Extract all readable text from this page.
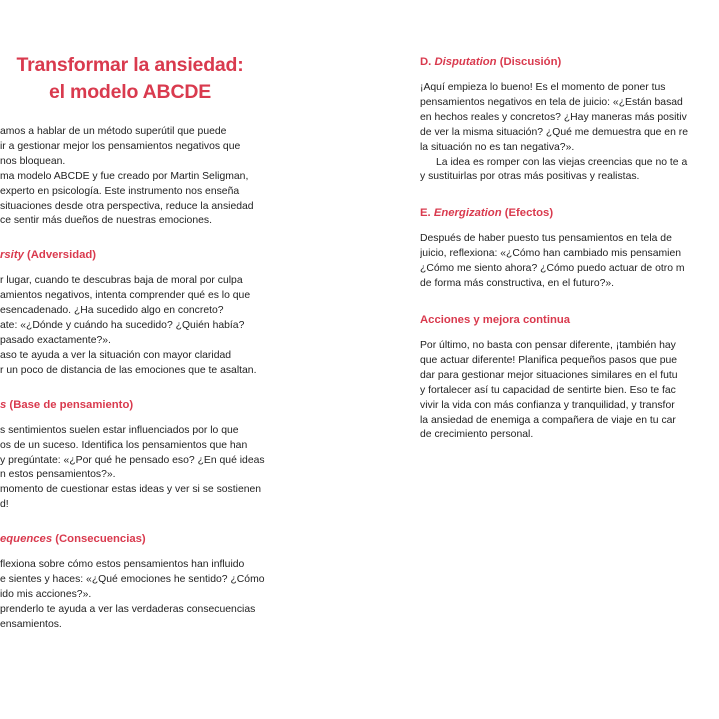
Transformar la ansiedad:
el modelo ABCDE

amos a hablar de un método superútil que puede

ir a gestionar mejor los pensamientos negativos que

nos bloquean.

ma modelo ABCDE y fue creado por Martin Seligman,

experto en psicología. Este instrumento nos enseña

situaciones desde otra perspectiva, reduce la ansiedad

ce sentir más dueños de nuestras emociones.

rsity (Adversidad)

r lugar, cuando te descubras baja de moral por culpa

amientos negativos, intenta comprender qué es lo que

esencadenado. ¿Ha sucedido algo en concreto?

ate: «¿Dónde y cuándo ha sucedido? ¿Quién había?

pasado exactamente?».

aso te ayuda a ver la situación con mayor claridad

r un poco de distancia de las emociones que te asaltan.

s (Base de pensamiento)

s sentimientos suelen estar influenciados por lo que

os de un suceso. Identifica los pensamientos que han

y pregúntate: «¿Por qué he pensado eso? ¿En qué ideas

n estos pensamientos?».

momento de cuestionar estas ideas y ver si se sostienen

d!

equences (Consecuencias)

flexiona sobre cómo estos pensamientos han influido

e sientes y haces: «¿Qué emociones he sentido? ¿Cómo

ido mis acciones?».

prenderlo te ayuda a ver las verdaderas consecuencias

ensamientos.

D. Disputation (Discusión)

¡Aquí empieza lo bueno! Es el momento de poner tus

pensamientos negativos en tela de juicio: «¿Están basad

en hechos reales y concretos? ¿Hay maneras más positiv

de ver la misma situación? ¿Qué me demuestra que en re

la situación no es tan negativa?».

La idea es romper con las viejas creencias que no te a

y sustituirlas por otras más positivas y realistas.

E. Energization (Efectos)

Después de haber puesto tus pensamientos en tela de

juicio, reflexiona: «¿Cómo han cambiado mis pensamien

¿Cómo me siento ahora? ¿Cómo puedo actuar de otro m

de forma más constructiva, en el futuro?».

Acciones y mejora continua

Por último, no basta con pensar diferente, ¡también hay

que actuar diferente! Planifica pequeños pasos que pue

dar para gestionar mejor situaciones similares en el futu

y fortalecer así tu capacidad de sentirte bien. Eso te fac

vivir la vida con más confianza y tranquilidad, y transfor

la ansiedad de enemiga a compañera de viaje en tu car

de crecimiento personal.
